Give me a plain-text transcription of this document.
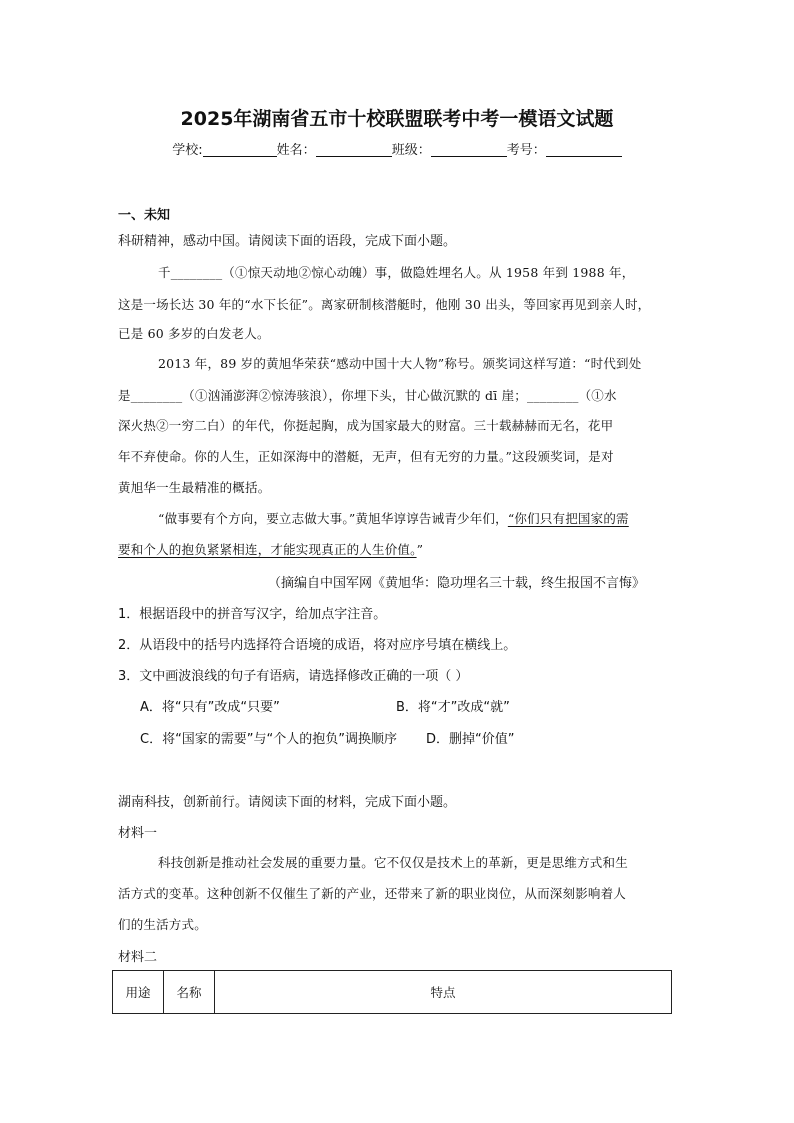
2025年湖南省五市十校联盟联考中考一模语文试题
学校:	姓名：	班级：	考号：
一、未知
科研精神，感动中国。请阅读下面的语段，完成下面小题。
千________（①惊天动地②惊心动魄）事，做隐姓埋名人。从 1958 年到 1988 年，
这是一场长达 30 年的“水下长征”。离家研制核潜艇时，他刚 30 出头，等回家再见到亲人时，
已是 60 多岁的白发老人。
2013 年，89 岁的黄旭华荣获“感动中国十大人物”称号。颁奖词这样写道：“时代到处
是________（①汹涌澎湃②惊涛骇浪），你埋下头，甘心做沉默的 dī 崖；________（①水
深火热②一穷二白）的年代，你挺起胸，成为国家最大的财富。三十载赫赫而无名，花甲
年不弃使命。你的人生，正如深海中的潜艇，无声，但有无穷的力量。”这段颁奖词，是对
黄旭华一生最精准的概括。
“做事要有个方向，要立志做大事。”黄旭华谆谆告诫青少年们，“你们只有把国家的需
要和个人的抱负紧紧相连，才能实现真正的人生价值。”
（摘编自中国军网《黄旭华：隐功埋名三十载，终生报国不言悔》
1．根据语段中的拼音写汉字，给加点字注音。
2．从语段中的括号内选择符合语境的成语，将对应序号填在横线上。
3．文中画波浪线的句子有语病，请选择修改正确的一项（ ）
A．将“只有”改成“只要”	B．将“才”改成“就”
C．将“国家的需要”与“个人的抱负”调换顺序 D．删掉“价值”
湖南科技，创新前行。请阅读下面的材料，完成下面小题。
材料一
科技创新是推动社会发展的重要力量。它不仅仅是技术上的革新，更是思维方式和生
活方式的变革。这种创新不仅催生了新的产业，还带来了新的职业岗位，从而深刻影响着人
们的生活方式。
材料二
用途	名称	特点
